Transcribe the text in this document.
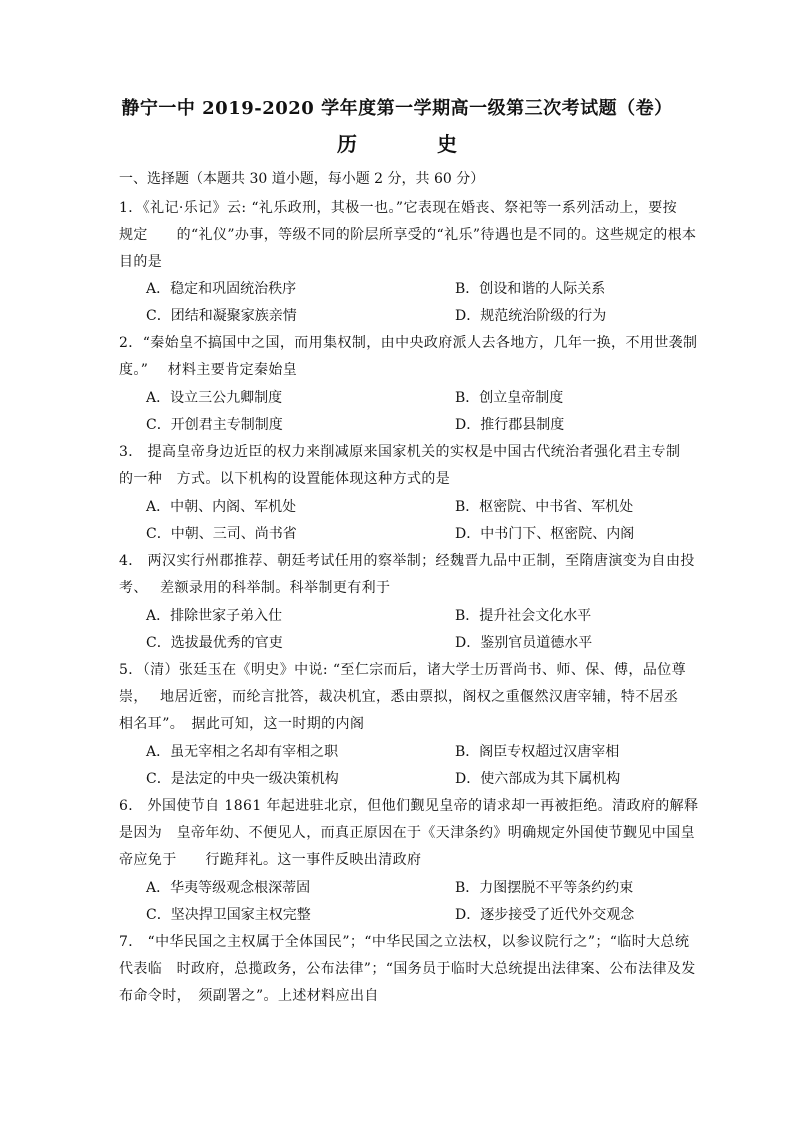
静宁一中 2019-2020 学年度第一学期高一级第三次考试题（卷）
历　史
一、选择题（本题共 30 道小题，每小题 2 分，共 60 分）
1．《礼记·乐记》云: “礼乐政刑，其极一也。”它表现在婚丧、祭祀等一系列活动上，要按
规定　　的“礼仪”办事，等级不同的阶层所享受的“礼乐”待遇也是不同的。这些规定的根本
目的是
A．稳定和巩固统治秩序	B．创设和谐的人际关系
C．团结和凝聚家族亲情	D．规范统治阶级的行为
2．“秦始皇不搞国中之国，而用集权制，由中央政府派人去各地方，几年一换，不用世袭制
度。”　 材料主要肯定秦始皇
A．设立三公九卿制度	B．创立皇帝制度
C．开创君主专制制度	D．推行郡县制度
3． 提高皇帝身边近臣的权力来削减原来国家机关的实权是中国古代统治者强化君主专制
的一种　方式。以下机构的设置能体现这种方式的是
A．中朝、内阁、军机处	B．枢密院、中书省、军机处
C．中朝、三司、尚书省	D．中书门下、枢密院、内阁
4． 两汉实行州郡推荐、朝廷考试任用的察举制；经魏晋九品中正制，至隋唐演变为自由投
考、　 差额录用的科举制。科举制更有利于
A．排除世家子弟入仕	B．提升社会文化水平
C．选拔最优秀的官吏	D．鉴别官员道德水平
5．（清）张廷玉在《明史》中说: “至仁宗而后，诸大学士历晋尚书、师、保、傅，品位尊
崇，　 地居近密，而纶言批答，裁决机宜，悉由票拟，阁权之重偃然汉唐宰辅，特不居丞
相名耳”。　据此可知，这一时期的内阁
A．虽无宰相之名却有宰相之职	B．阁臣专权超过汉唐宰相
C．是法定的中央一级决策机构	D．使六部成为其下属机构
6． 外国使节自 1861 年起进驻北京，但他们觐见皇帝的请求却一再被拒绝。清政府的解释
是因为　皇帝年幼、不便见人，而真正原因在于《天津条约》明确规定外国使节觐见中国皇
帝应免于　　行跪拜礼。这一事件反映出清政府
A．华夷等级观念根深蒂固	B．力图摆脱不平等条约约束
C．坚决捍卫国家主权完整	D．逐步接受了近代外交观念
7． “中华民国之主权属于全体国民”；“中华民国之立法权，以参议院行之”；“临时大总统
代表临　时政府，总揽政务，公布法律”；“国务员于临时大总统提出法律案、公布法律及发
布命令时，　须副署之”。上述材料应出自
